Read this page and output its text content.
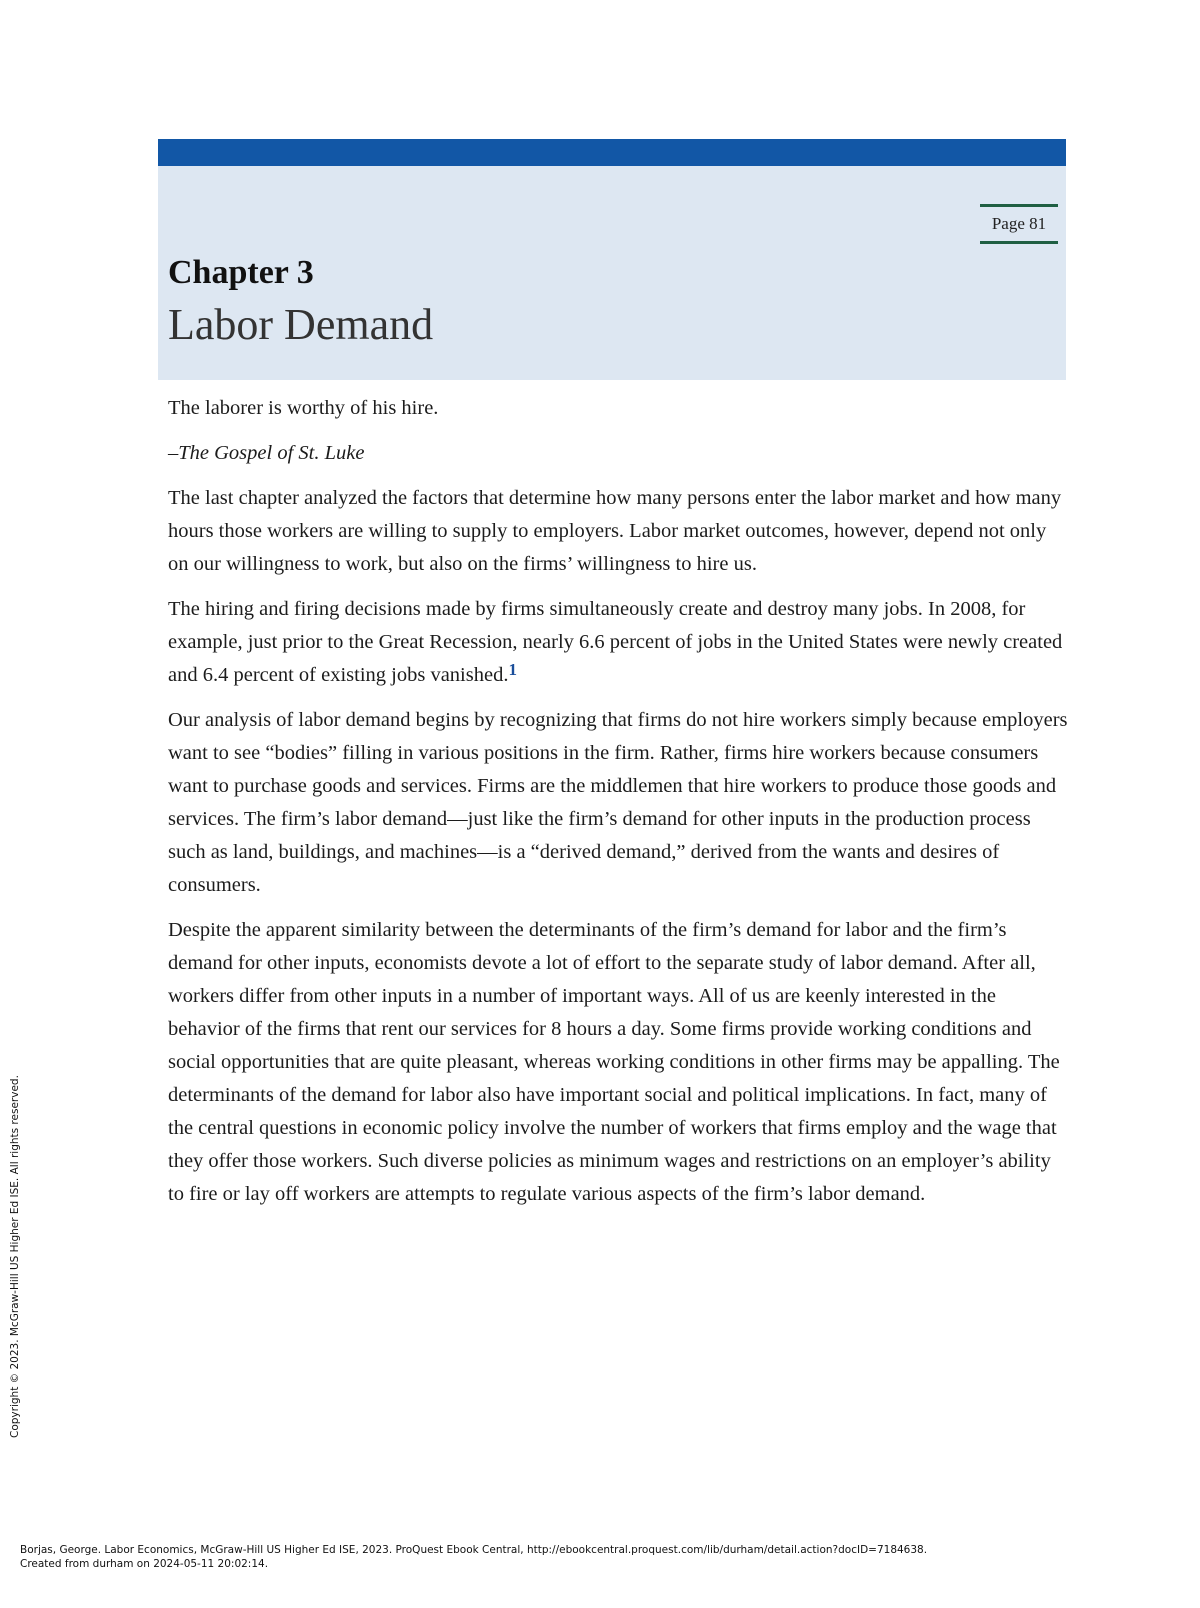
Page 81
Chapter 3
Labor Demand

The laborer is worthy of his hire.

–The Gospel of St. Luke

The last chapter analyzed the factors that determine how many persons enter the labor market and how many hours those workers are willing to supply to employers. Labor market outcomes, however, depend not only on our willingness to work, but also on the firms’ willingness to hire us.

The hiring and firing decisions made by firms simultaneously create and destroy many jobs. In 2008, for example, just prior to the Great Recession, nearly 6.6 percent of jobs in the United States were newly created and 6.4 percent of existing jobs vanished.$^1$

Our analysis of labor demand begins by recognizing that firms do not hire workers simply because employers want to see “bodies” filling in various positions in the firm. Rather, firms hire workers because consumers want to purchase goods and services. Firms are the middlemen that hire workers to produce those goods and services. The firm’s labor demand—just like the firm’s demand for other inputs in the production process such as land, buildings, and machines—is a “derived demand,” derived from the wants and desires of consumers.

Despite the apparent similarity between the determinants of the firm’s demand for labor and the firm’s demand for other inputs, economists devote a lot of effort to the separate study of labor demand. After all, workers differ from other inputs in a number of important ways. All of us are keenly interested in the behavior of the firms that rent our services for 8 hours a day. Some firms provide working conditions and social opportunities that are quite pleasant, whereas working conditions in other firms may be appalling. The determinants of the demand for labor also have important social and political implications. In fact, many of the central questions in economic policy involve the number of workers that firms employ and the wage that they offer those workers. Such diverse policies as minimum wages and restrictions on an employer’s ability to fire or lay off workers are attempts to regulate various aspects of the firm’s labor demand.

Copyright © 2023. McGraw-Hill US Higher Ed ISE. All rights reserved.
Borjas, George. Labor Economics, McGraw-Hill US Higher Ed ISE, 2023. ProQuest Ebook Central, http://ebookcentral.proquest.com/lib/durham/detail.action?docID=7184638.
Created from durham on 2024-05-11 20:02:14.
